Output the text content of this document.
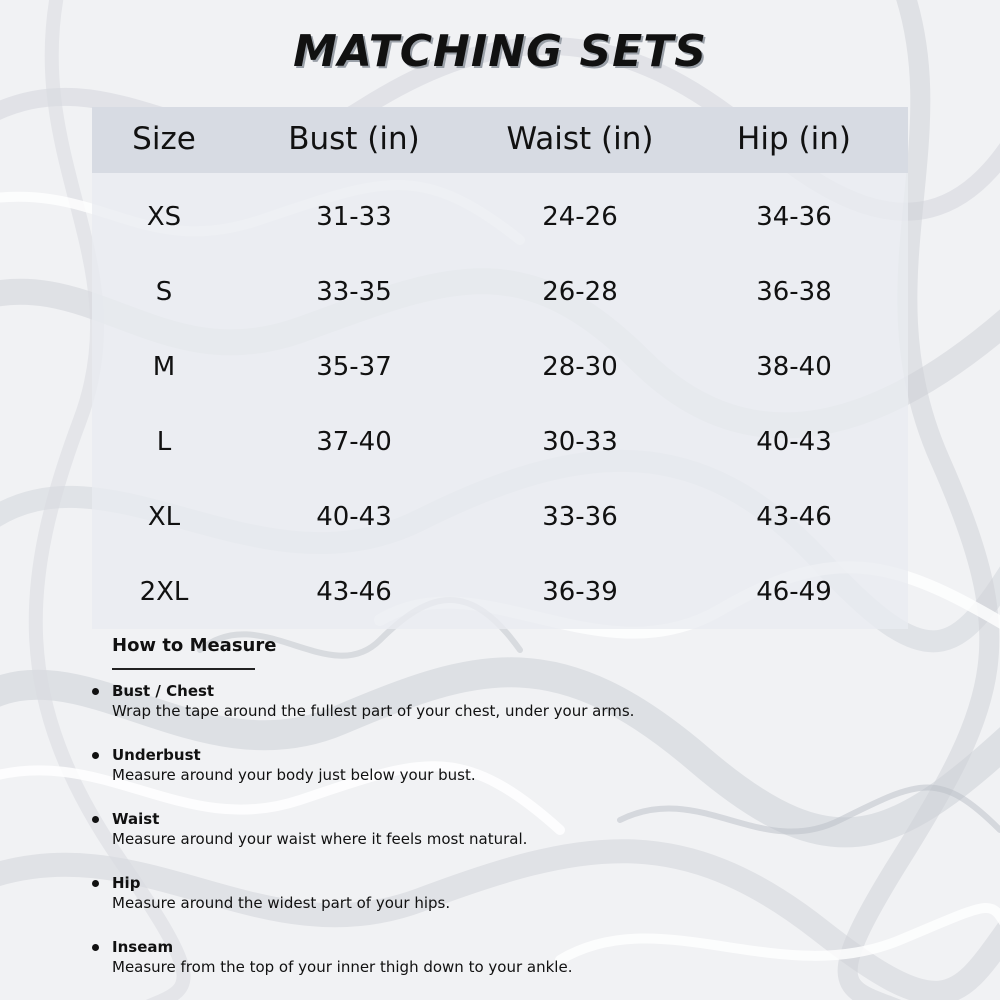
MATCHING SETS
Size	Bust (in)	Waist (in)	Hip (in)
XS	31-33	24-26	34-36
S	33-35	26-28	36-38
M	35-37	28-30	38-40
L	37-40	30-33	40-43
XL	40-43	33-36	43-46
2XL	43-46	36-39	46-49
How to Measure
Bust / Chest
Wrap the tape around the fullest part of your chest, under your arms.
Underbust
Measure around your body just below your bust.
Waist
Measure around your waist where it feels most natural.
Hip
Measure around the widest part of your hips.
Inseam
Measure from the top of your inner thigh down to your ankle.
